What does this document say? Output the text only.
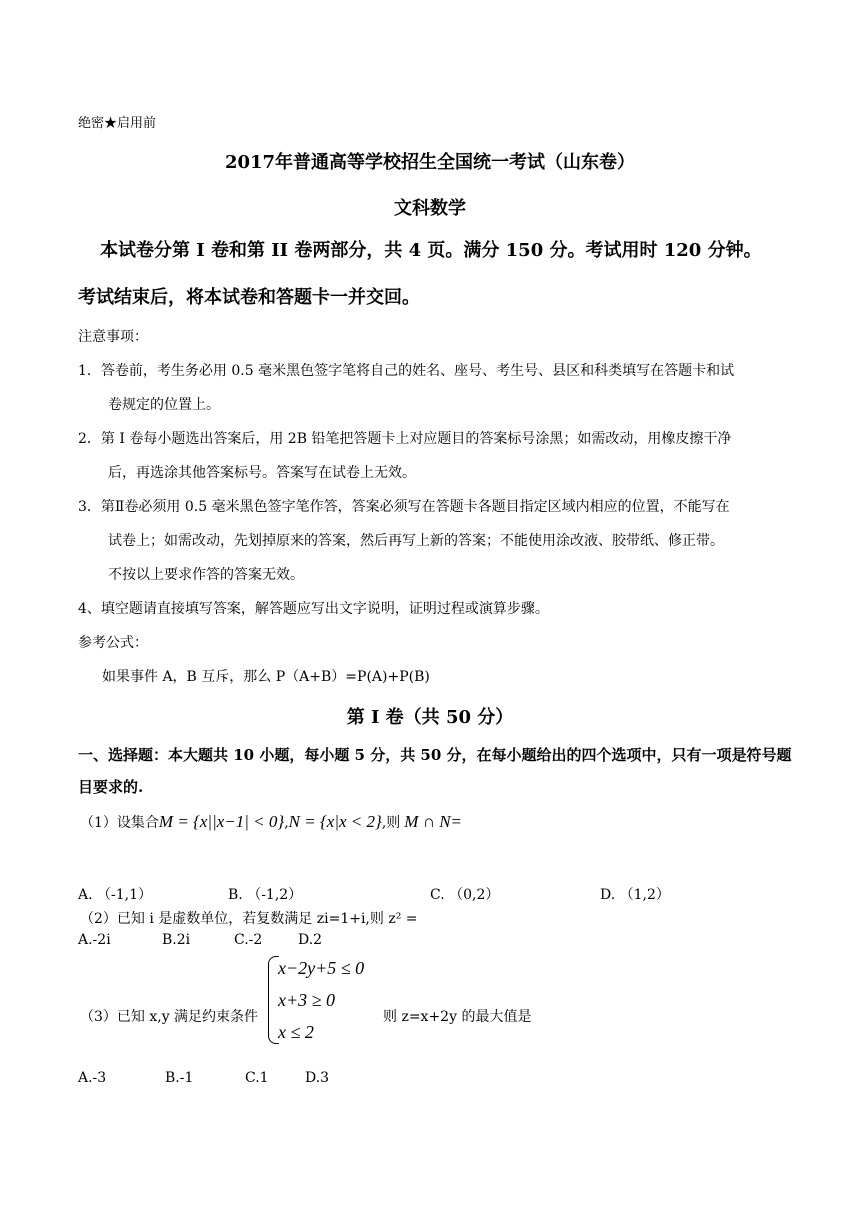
绝密★启用前
2017年普通高等学校招生全国统一考试（山东卷）
文科数学
本试卷分第 I 卷和第 II 卷两部分，共 4 页。满分 150 分。考试用时 120 分钟。
考试结束后，将本试卷和答题卡一并交回。
注意事项：
1．答卷前，考生务必用 0.5 毫米黑色签字笔将自己的姓名、座号、考生号、县区和科类填写在答题卡和试
卷规定的位置上。
2．第 I 卷每小题选出答案后，用 2B 铅笔把答题卡上对应题目的答案标号涂黑；如需改动，用橡皮擦干净
后，再选涂其他答案标号。答案写在试卷上无效。
3．第Ⅱ卷必须用 0.5 毫米黑色签字笔作答，答案必须写在答题卡各题目指定区域内相应的位置，不能写在
试卷上；如需改动，先划掉原来的答案，然后再写上新的答案；不能使用涂改液、胶带纸、修正带。
不按以上要求作答的答案无效。
4、填空题请直接填写答案，解答题应写出文字说明，证明过程或演算步骤。
参考公式：
如果事件 A，B 互斥，那么 P（A+B）=P(A)+P(B)
第 I 卷（共 50 分）
一、选择题：本大题共 10 小题，每小题 5 分，共 50 分，在每小题给出的四个选项中，只有一项是符号题
目要求的.
（1）设集合 M = {x||x−1| < 0} , N = {x|x < 2} ,则 M ∩ N=
A. （-1,1）	B. （-1,2）	C. （0,2）	D. （1,2）
（2）已知 i 是虚数单位，若复数满足 zi=1+i,则 z² =
A.-2i	B.2i	C.-2	D.2
（3）已知 x,y 满足约束条件
x−2y+5 ≤ 0
x+3 ≥ 0
x ≤ 2
则 z=x+2y 的最大值是
A.-3	B.-1	C.1	D.3
